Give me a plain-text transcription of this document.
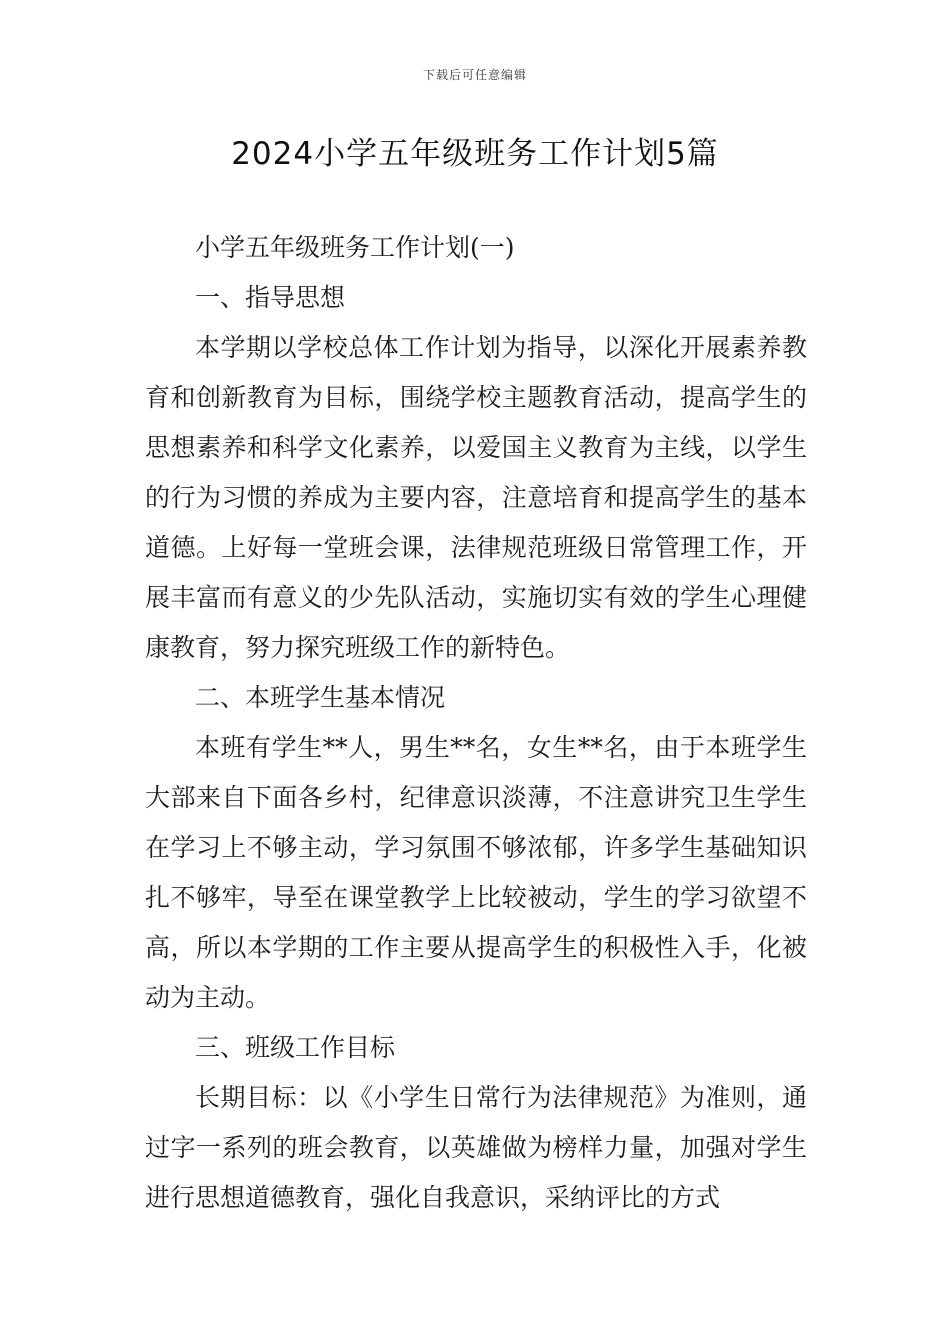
下载后可任意编辑
2024小学五年级班务工作计划5篇

小学五年级班务工作计划(一)

一、指导思想

本学期以学校总体工作计划为指导，以深化开展素养教育和创新教育为目标，围绕学校主题教育活动，提高学生的思想素养和科学文化素养，以爱国主义教育为主线，以学生的行为习惯的养成为主要内容，注意培育和提高学生的基本道德。上好每一堂班会课，法律规范班级日常管理工作，开展丰富而有意义的少先队活动，实施切实有效的学生心理健康教育，努力探究班级工作的新特色。

二、本班学生基本情况

本班有学生**人，男生**名，女生**名，由于本班学生大部来自下面各乡村，纪律意识淡薄，不注意讲究卫生学生在学习上不够主动，学习氛围不够浓郁，许多学生基础知识扎不够牢，导至在课堂教学上比较被动，学生的学习欲望不高，所以本学期的工作主要从提高学生的积极性入手，化被动为主动。

三、班级工作目标

长期目标：以《小学生日常行为法律规范》为准则，通过字一系列的班会教育，以英雄做为榜样力量，加强对学生进行思想道德教育，强化自我意识，采纳评比的方式
